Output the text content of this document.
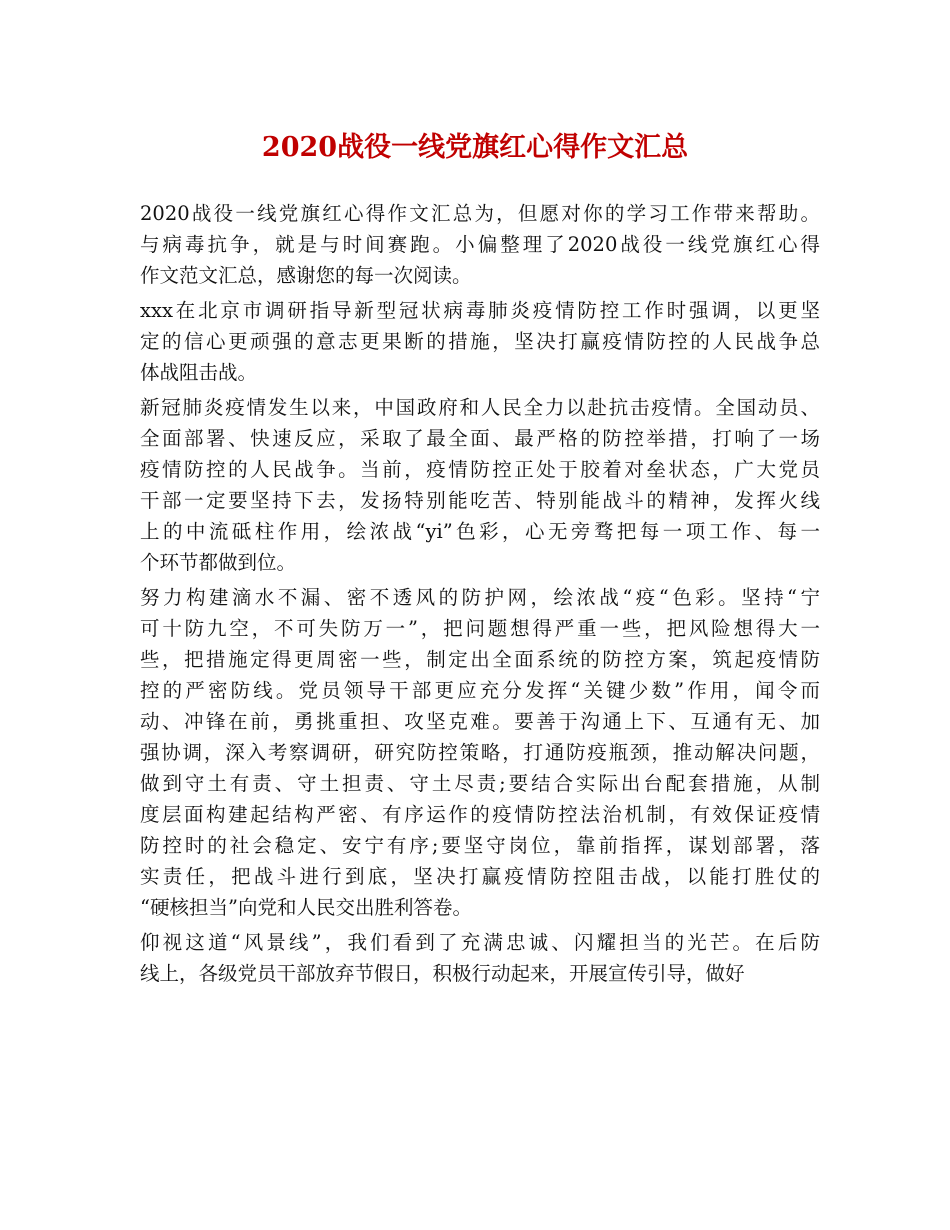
2020战役一线党旗红心得作文汇总
2020战役一线党旗红心得作文汇总为，但愿对你的学习工作带来帮助。
与病毒抗争，就是与时间赛跑。小偏整理了2020战役一线党旗红心得
作文范文汇总，感谢您的每一次阅读。
xxx在北京市调研指导新型冠状病毒肺炎疫情防控工作时强调，以更坚
定的信心更顽强的意志更果断的措施，坚决打赢疫情防控的人民战争总
体战阻击战。
新冠肺炎疫情发生以来，中国政府和人民全力以赴抗击疫情。全国动员、
全面部署、快速反应，采取了最全面、最严格的防控举措，打响了一场
疫情防控的人民战争。当前，疫情防控正处于胶着对垒状态，广大党员
干部一定要坚持下去，发扬特别能吃苦、特别能战斗的精神，发挥火线
上的中流砥柱作用，绘浓战“yi”色彩，心无旁骛把每一项工作、每一
个环节都做到位。
努力构建滴水不漏、密不透风的防护网，绘浓战“疫“色彩。坚持“宁
可十防九空，不可失防万一”，把问题想得严重一些，把风险想得大一
些，把措施定得更周密一些，制定出全面系统的防控方案，筑起疫情防
控的严密防线。党员领导干部更应充分发挥“关键少数”作用，闻令而
动、冲锋在前，勇挑重担、攻坚克难。要善于沟通上下、互通有无、加
强协调，深入考察调研，研究防控策略，打通防疫瓶颈，推动解决问题，
做到守土有责、守土担责、守土尽责;要结合实际出台配套措施，从制
度层面构建起结构严密、有序运作的疫情防控法治机制，有效保证疫情
防控时的社会稳定、安宁有序;要坚守岗位，靠前指挥，谋划部署，落
实责任，把战斗进行到底，坚决打赢疫情防控阻击战，以能打胜仗的
“硬核担当”向党和人民交出胜利答卷。
仰视这道“风景线”，我们看到了充满忠诚、闪耀担当的光芒。在后防
线上，各级党员干部放弃节假日，积极行动起来，开展宣传引导，做好
